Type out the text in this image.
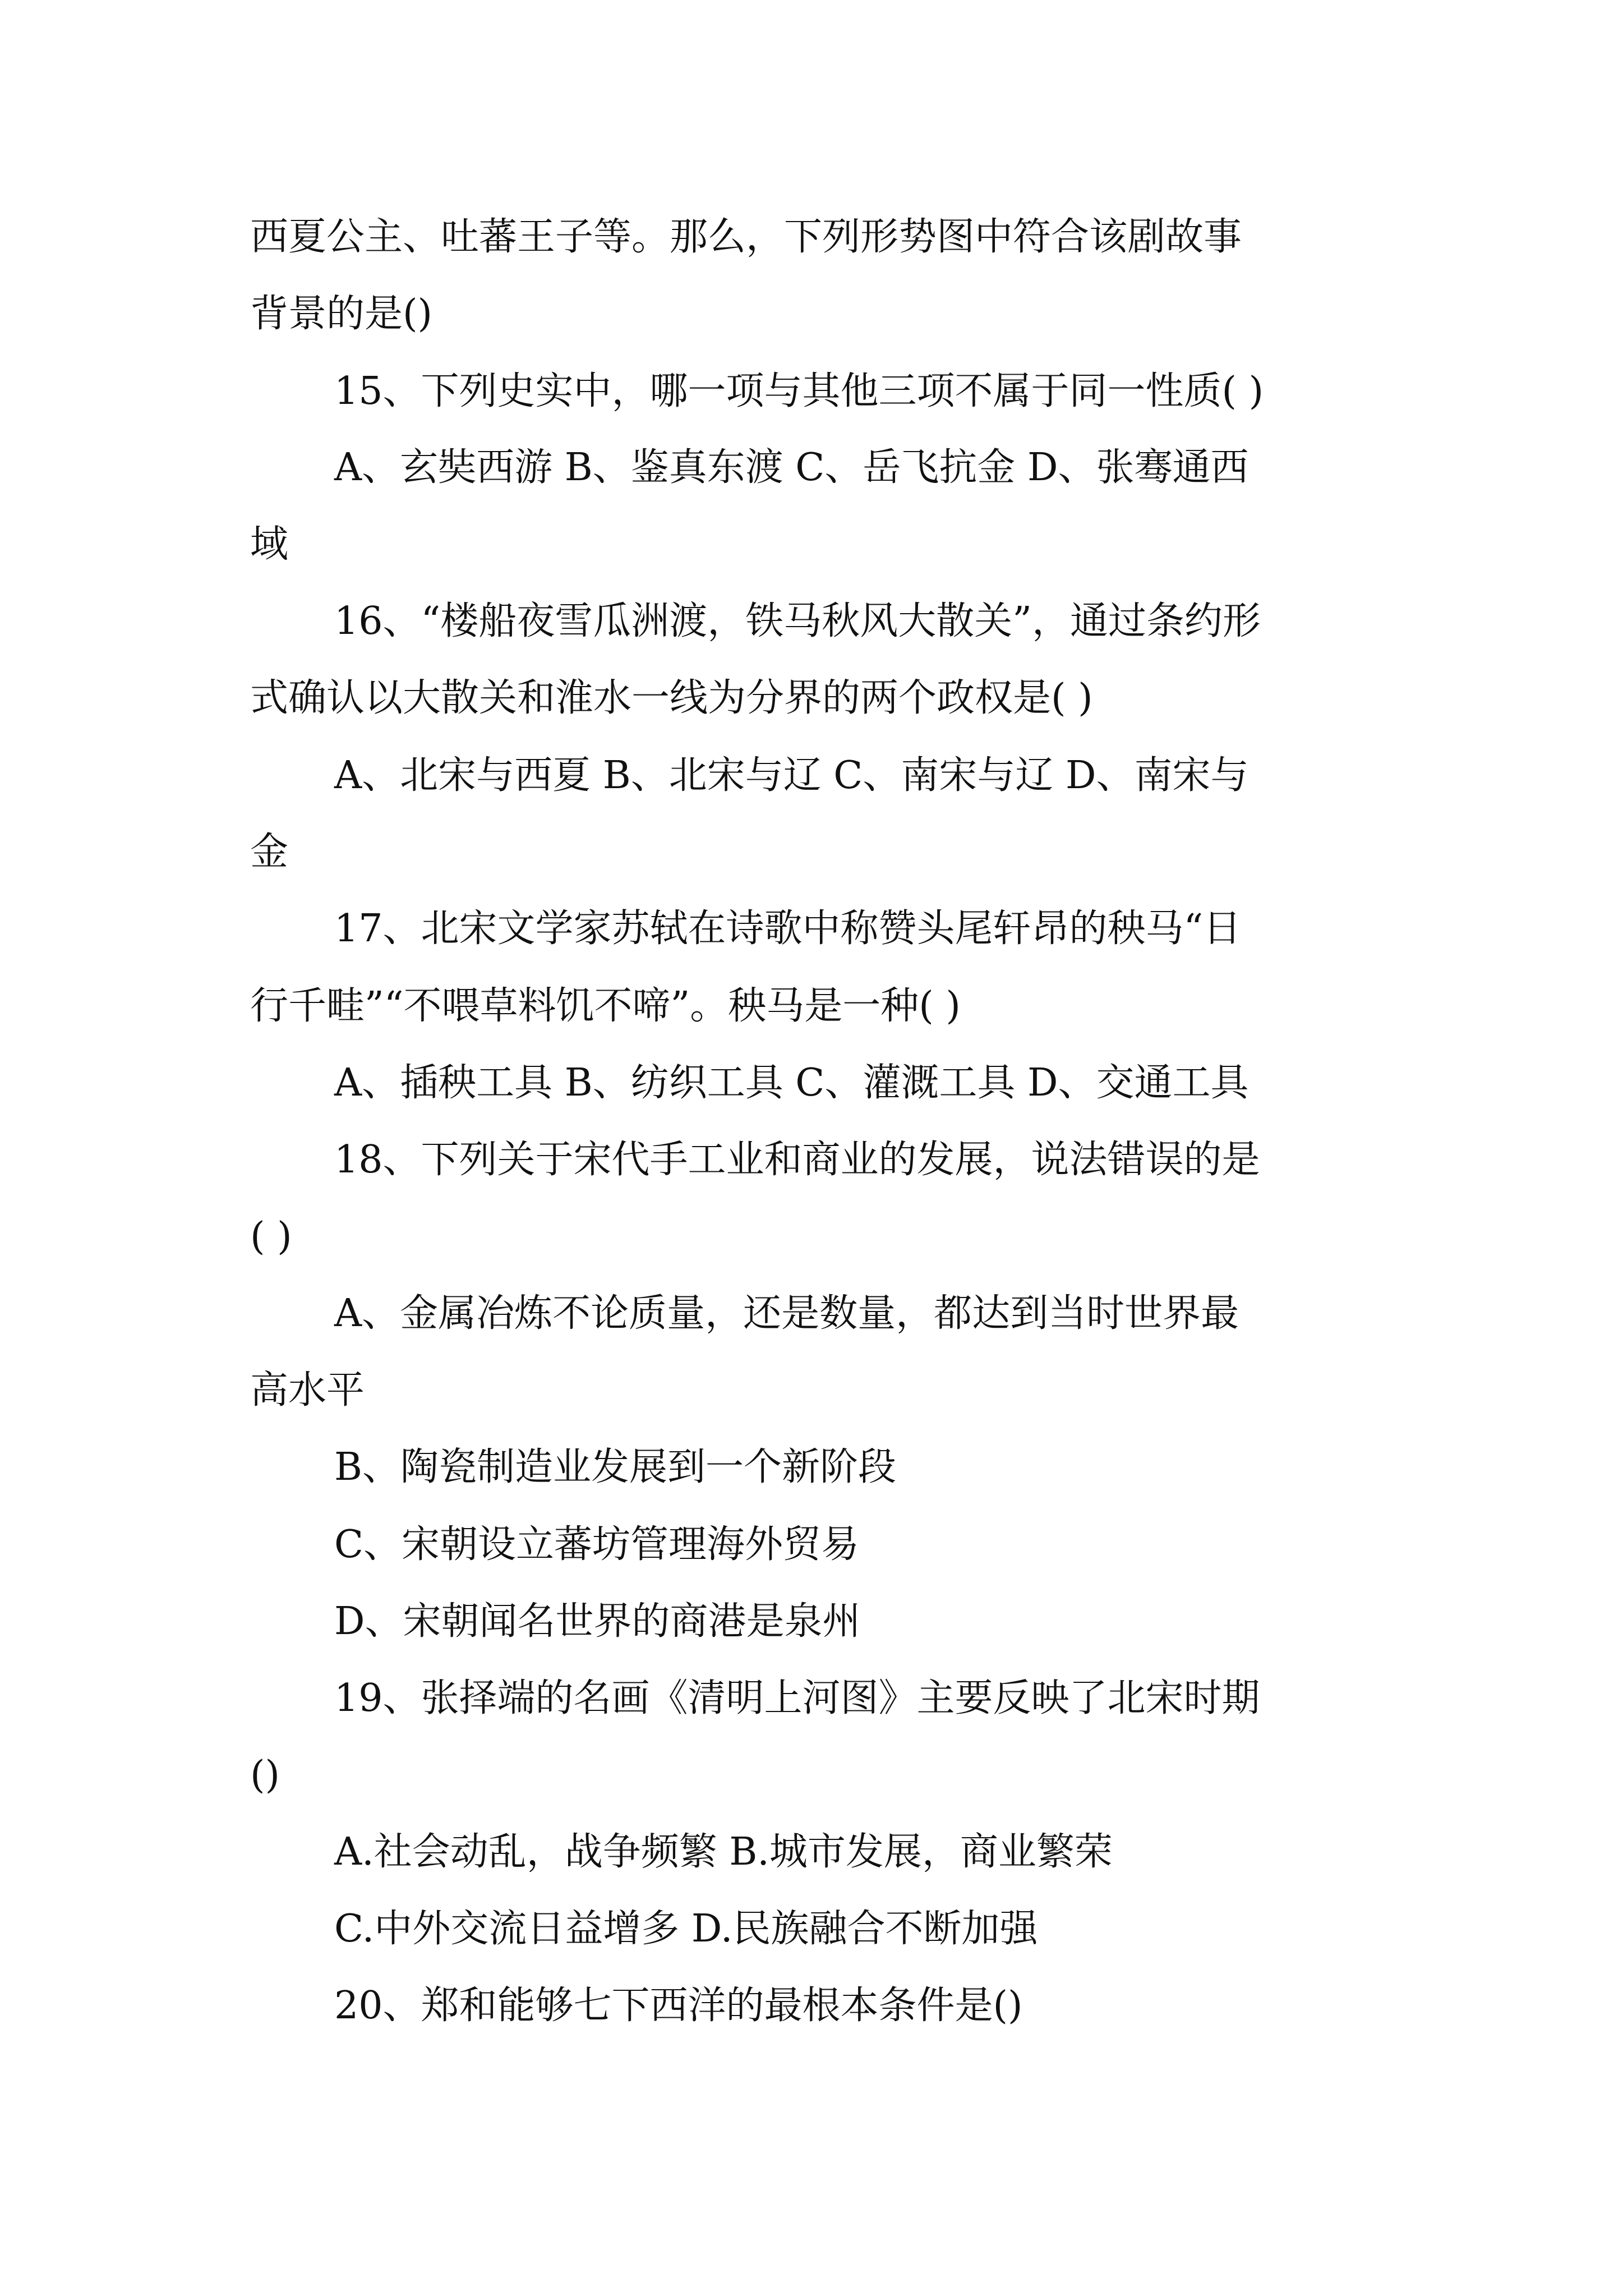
西夏公主、吐蕃王子等。那么，下列形势图中符合该剧故事

背景的是()

15、下列史实中，哪一项与其他三项不属于同一性质( )

A、玄奘西游 B、鉴真东渡 C、岳飞抗金 D、张骞通西

域

16、“楼船夜雪瓜洲渡，铁马秋风大散关”，通过条约形

式确认以大散关和淮水一线为分界的两个政权是( )

A、北宋与西夏 B、北宋与辽 C、南宋与辽 D、南宋与

金

17、北宋文学家苏轼在诗歌中称赞头尾轩昂的秧马“日

行千畦”“不喂草料饥不啼”。秧马是一种( )

A、插秧工具 B、纺织工具 C、灌溉工具 D、交通工具

18、下列关于宋代手工业和商业的发展，说法错误的是

( )

A、金属冶炼不论质量，还是数量，都达到当时世界最

高水平

B、陶瓷制造业发展到一个新阶段

C、宋朝设立蕃坊管理海外贸易

D、宋朝闻名世界的商港是泉州

19、张择端的名画《清明上河图》主要反映了北宋时期

()

A.社会动乱，战争频繁 B.城市发展，商业繁荣

C.中外交流日益增多 D.民族融合不断加强

20、郑和能够七下西洋的最根本条件是()
